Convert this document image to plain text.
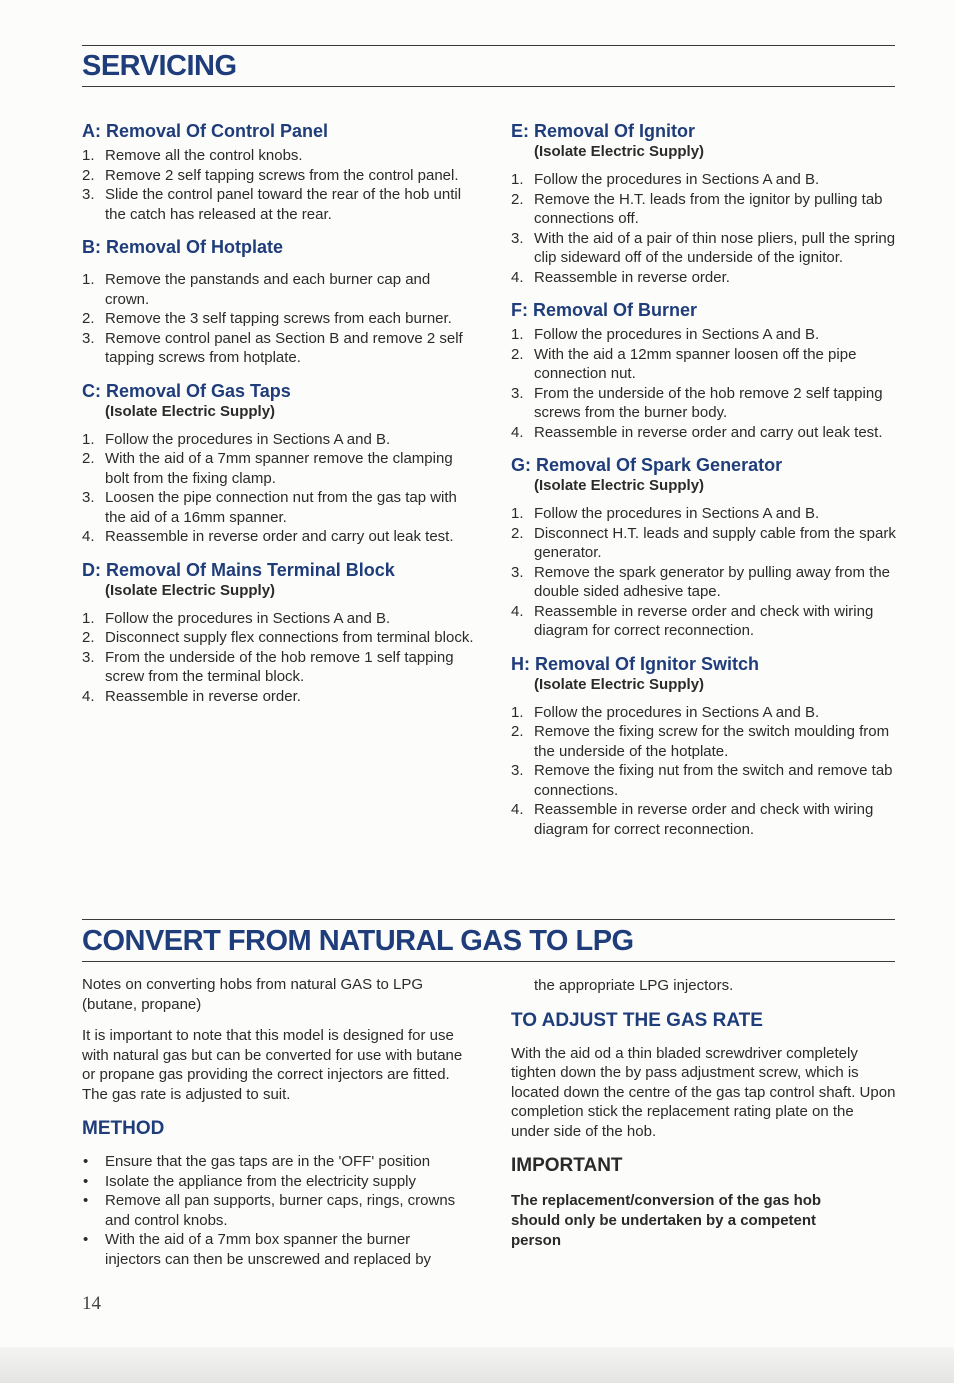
SERVICING
A: Removal Of Control Panel
1. Remove all the control knobs.
2. Remove 2 self tapping screws from the control panel.
3. Slide the control panel toward the rear of the hob until the catch has released at the rear.
B: Removal Of Hotplate
1. Remove the panstands and each burner cap and crown.
2. Remove the 3 self tapping screws from each burner.
3. Remove control panel as Section B and remove 2 self tapping screws from hotplate.
C: Removal Of Gas Taps

(Isolate Electric Supply)

1. Follow the procedures in Sections A and B.
2. With the aid of a 7mm spanner remove the clamping bolt from the fixing clamp.
3. Loosen the pipe connection nut from the gas tap with the aid of a 16mm spanner.
4. Reassemble in reverse order and carry out leak test.
D: Removal Of Mains Terminal Block

(Isolate Electric Supply)

1. Follow the procedures in Sections A and B.
2. Disconnect supply flex connections from terminal block.
3. From the underside of the hob remove 1 self tapping screw from the terminal block.
4. Reassemble in reverse order.
E: Removal Of Ignitor

(Isolate Electric Supply)

1. Follow the procedures in Sections A and B.
2. Remove the H.T. leads from the ignitor by pulling tab connections off.
3. With the aid of a pair of thin nose pliers, pull the spring clip sideward off of the underside of the ignitor.
4. Reassemble in reverse order.
F: Removal Of Burner
1. Follow the procedures in Sections A and B.
2. With the aid a 12mm spanner loosen off the pipe connection nut.
3. From the underside of the hob remove 2 self tapping screws from the burner body.
4. Reassemble in reverse order and carry out leak test.
G: Removal Of Spark Generator

(Isolate Electric Supply)

1. Follow the procedures in Sections A and B.
2. Disconnect H.T. leads and supply cable from the spark generator.
3. Remove the spark generator by pulling away from the double sided adhesive tape.
4. Reassemble in reverse order and check with wiring diagram for correct reconnection.
H: Removal Of Ignitor Switch

(Isolate Electric Supply)

1. Follow the procedures in Sections A and B.
2. Remove the fixing screw for the switch moulding from the underside of the hotplate.
3. Remove the fixing nut from the switch and remove tab connections.
4. Reassemble in reverse order and check with wiring diagram for correct reconnection.
CONVERT FROM NATURAL GAS TO LPG

Notes on converting hobs from natural GAS to LPG (butane, propane)

It is important to note that this model is designed for use with natural gas but can be converted for use with butane or propane gas providing the correct injectors are fitted. The gas rate is adjusted to suit.

METHOD
• Ensure that the gas taps are in the 'OFF' position
• Isolate the appliance from the electricity supply
• Remove all pan supports, burner caps, rings, crowns and control knobs.
• With the aid of a 7mm box spanner the burner injectors can then be unscrewed and replaced by

the appropriate LPG injectors.

TO ADJUST THE GAS RATE

With the aid od a thin bladed screwdriver completely tighten down the by pass adjustment screw, which is located down the centre of the gas tap control shaft. Upon completion stick the replacement rating plate on the under side of the hob.

IMPORTANT

The replacement/conversion of the gas hob should only be undertaken by a competent person

14
